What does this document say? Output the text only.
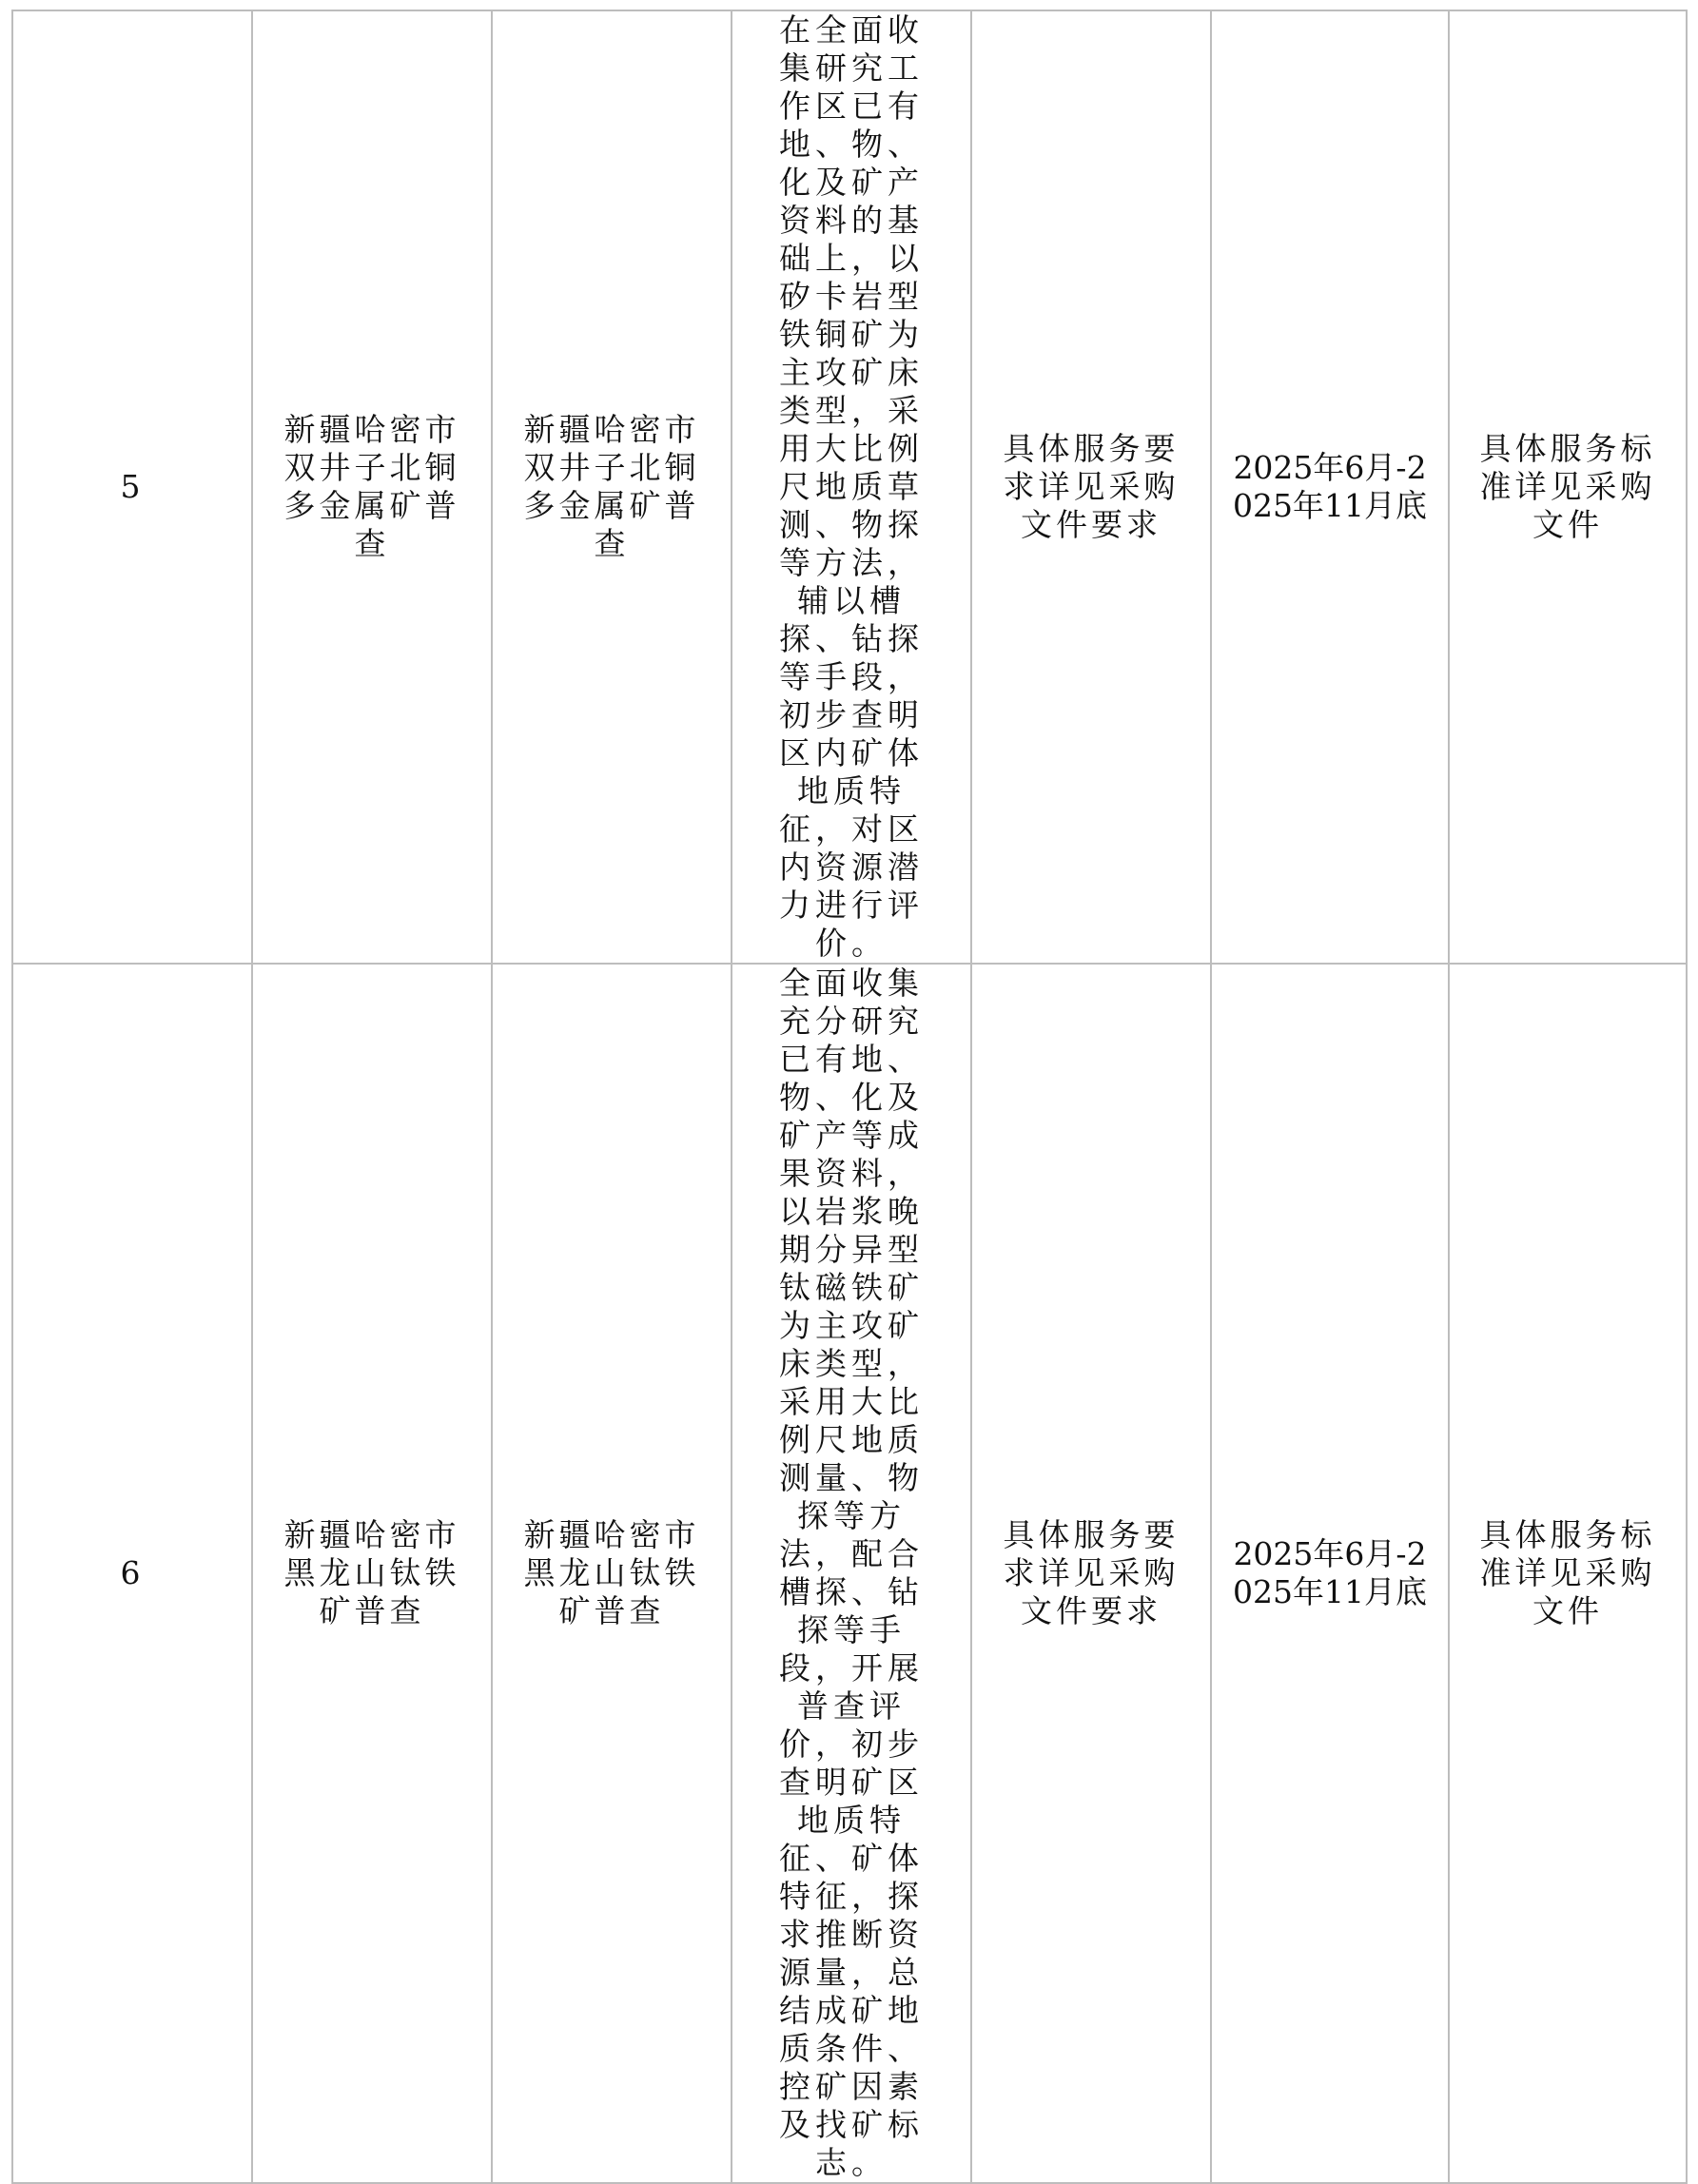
5	新疆哈密市双井子北铜多金属矿普查	新疆哈密市双井子北铜多金属矿普查	在全面收集研究工作区已有地、物、化及矿产资料的基础上，以矽卡岩型铁铜矿为主攻矿床类型，采用大比例尺地质草测、物探等方法，辅以槽探、钻探等手段，初步查明区内矿体地质特征，对区内资源潜力进行评价。	具体服务要求详见采购文件要求	2025年6月-2025年11月底	具体服务标准详见采购文件

6	新疆哈密市黑龙山钛铁矿普查	新疆哈密市黑龙山钛铁矿普查	全面收集充分研究已有地、物、化及矿产等成果资料，以岩浆晚期分异型钛磁铁矿为主攻矿床类型，采用大比例尺地质测量、物探等方法，配合槽探、钻探等手段，开展普查评价，初步查明矿区地质特征、矿体特征，探求推断资源量，总结成矿地质条件、控矿因素及找矿标志。	具体服务要求详见采购文件要求	2025年6月-2025年11月底	具体服务标准详见采购文件
